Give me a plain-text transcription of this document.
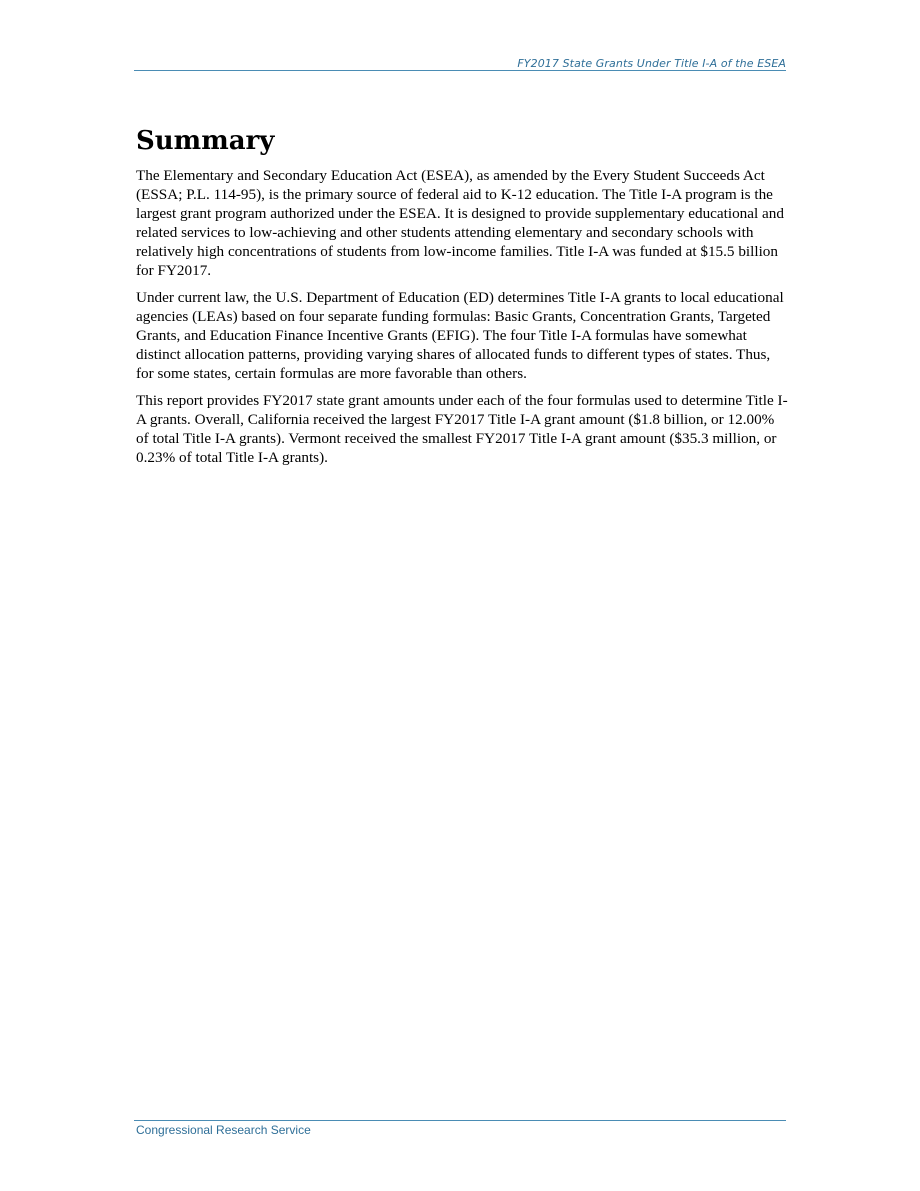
FY2017 State Grants Under Title I-A of the ESEA
Summary

The Elementary and Secondary Education Act (ESEA), as amended by the Every Student Succeeds Act (ESSA; P.L. 114-95), is the primary source of federal aid to K-12 education. The Title I-A program is the largest grant program authorized under the ESEA. It is designed to provide supplementary educational and related services to low-achieving and other students attending elementary and secondary schools with relatively high concentrations of students from low-income families. Title I-A was funded at $15.5 billion for FY2017.

Under current law, the U.S. Department of Education (ED) determines Title I-A grants to local educational agencies (LEAs) based on four separate funding formulas: Basic Grants, Concentration Grants, Targeted Grants, and Education Finance Incentive Grants (EFIG). The four Title I-A formulas have somewhat distinct allocation patterns, providing varying shares of allocated funds to different types of states. Thus, for some states, certain formulas are more favorable than others.

This report provides FY2017 state grant amounts under each of the four formulas used to determine Title I-A grants. Overall, California received the largest FY2017 Title I-A grant amount ($1.8 billion, or 12.00% of total Title I-A grants). Vermont received the smallest FY2017 Title I-A grant amount ($35.3 million, or 0.23% of total Title I-A grants).

Congressional Research Service
